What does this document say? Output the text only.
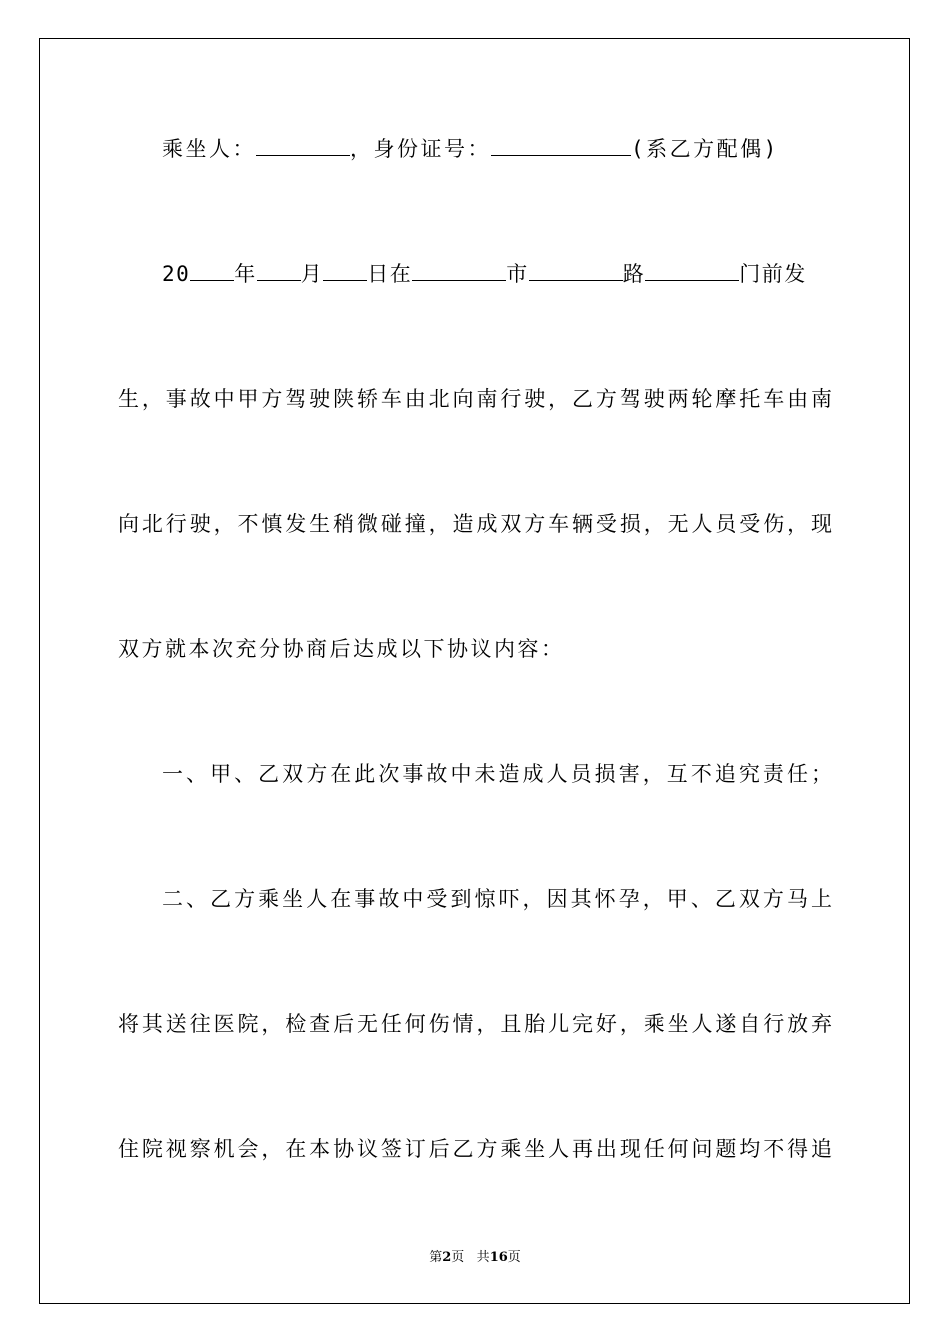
乘坐人：	，身份证号：	(系乙方配偶)
20 年 月 日在	市	路	门前发
生，事故中甲方驾驶陕轿车由北向南行驶，乙方驾驶两轮摩托车由南
向北行驶，不慎发生稍微碰撞，造成双方车辆受损，无人员受伤，现
双方就本次充分协商后达成以下协议内容：
一、甲、乙双方在此次事故中未造成人员损害，互不追究责任；
二、乙方乘坐人在事故中受到惊吓，因其怀孕，甲、乙双方马上
将其送往医院，检查后无任何伤情，且胎儿完好，乘坐人遂自行放弃
住院视察机会，在本协议签订后乙方乘坐人再出现任何问题均不得追
第2页 共16页
